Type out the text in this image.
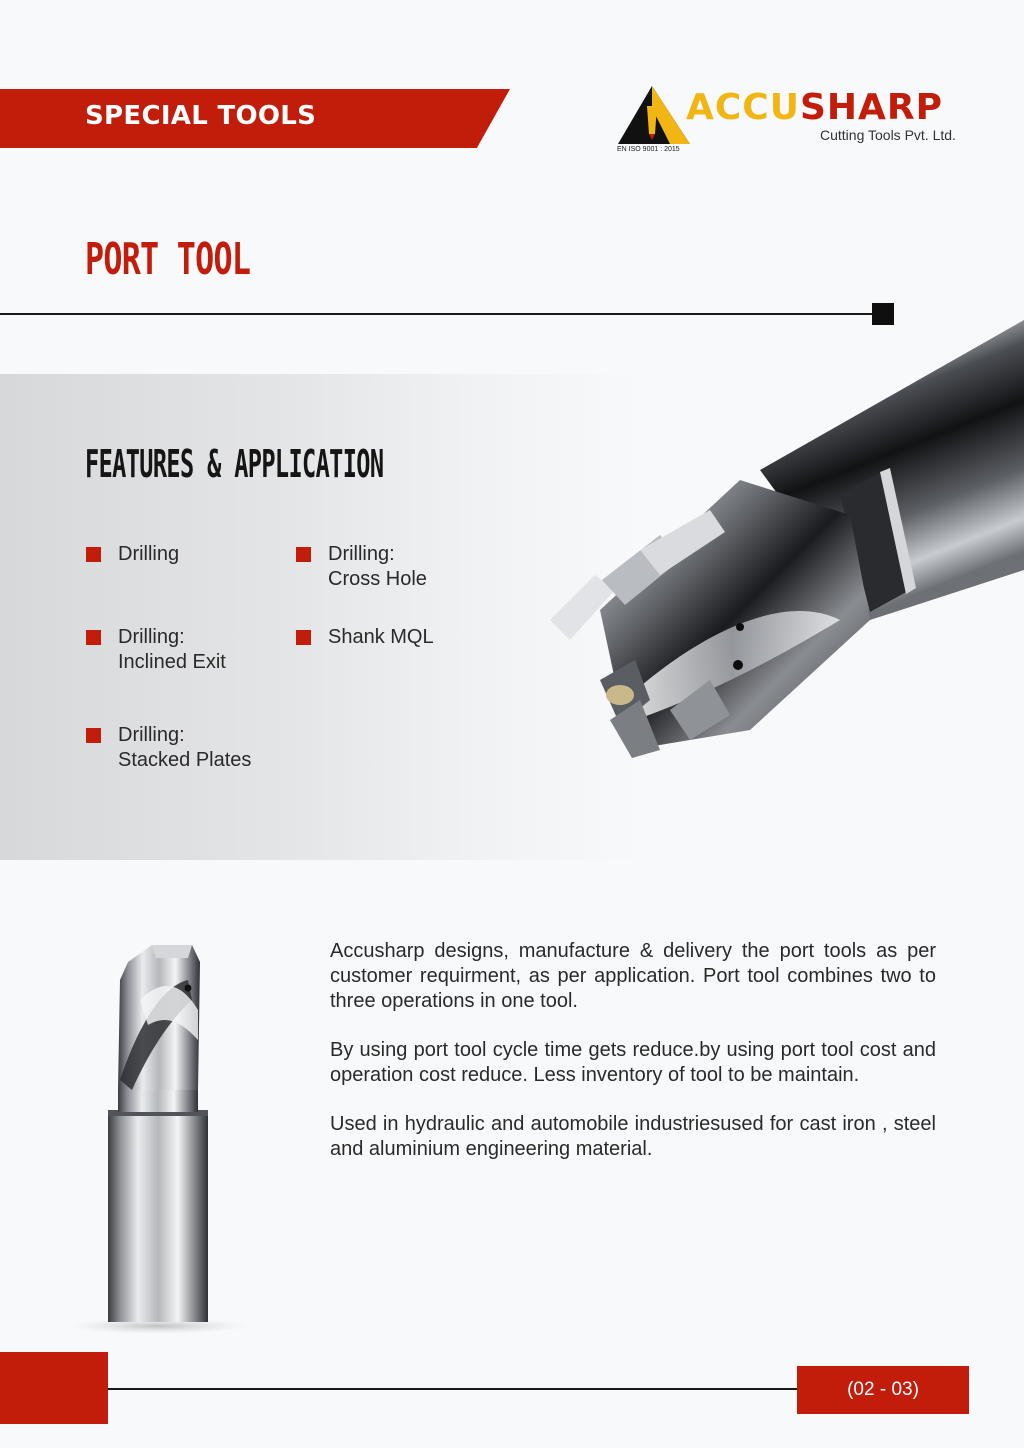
SPECIAL TOOLS	ACCUSHARP
Cutting Tools Pvt. Ltd.
EN ISO 9001 : 2015
PORT TOOL
FEATURES & APPLICATION
Drilling	Drilling:
Cross Hole
Drilling:
Inclined Exit
Shank MQL
Drilling:
Stacked Plates

Accusharp designs, manufacture & delivery the port tools as per customer requirment, as per application. Port tool combines two to three operations in one tool.

By using port tool cycle time gets reduce.by using port tool cost and operation cost reduce. Less inventory of tool to be maintain.

Used in hydraulic and automobile industriesused for cast iron , steel and aluminium engineering material.

(02 - 03)
